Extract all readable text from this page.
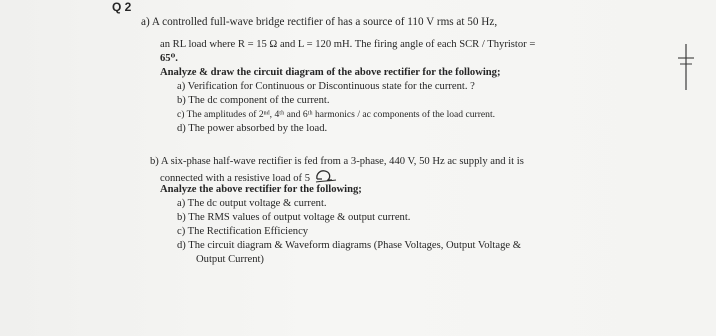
Q 2
a) A controlled full-wave bridge rectifier of has a source of 110 V rms at 50 Hz,
an RL load where R = 15 Ω and L = 120 mH. The firing angle of each SCR / Thyristor =
65⁰.
Analyze & draw the circuit diagram of the above rectifier for the following;
a) Verification for Continuous or Discontinuous state for the current. ?
b) The dc component of the current.
c) The amplitudes of 2ⁿᵈ, 4ᵗʰ and 6ᵗʰ harmonics / ac components of the load current.
d) The power absorbed by the load.
b) A six-phase half-wave rectifier is fed from a 3-phase, 440 V, 50 Hz ac supply and it is
connected with a resistive load of 5
Analyze the above rectifier for the following;
a) The dc output voltage & current.
b) The RMS values of output voltage & output current.
c) The Rectification Efficiency
d) The circuit diagram & Waveform diagrams (Phase Voltages, Output Voltage &
Output Current)
